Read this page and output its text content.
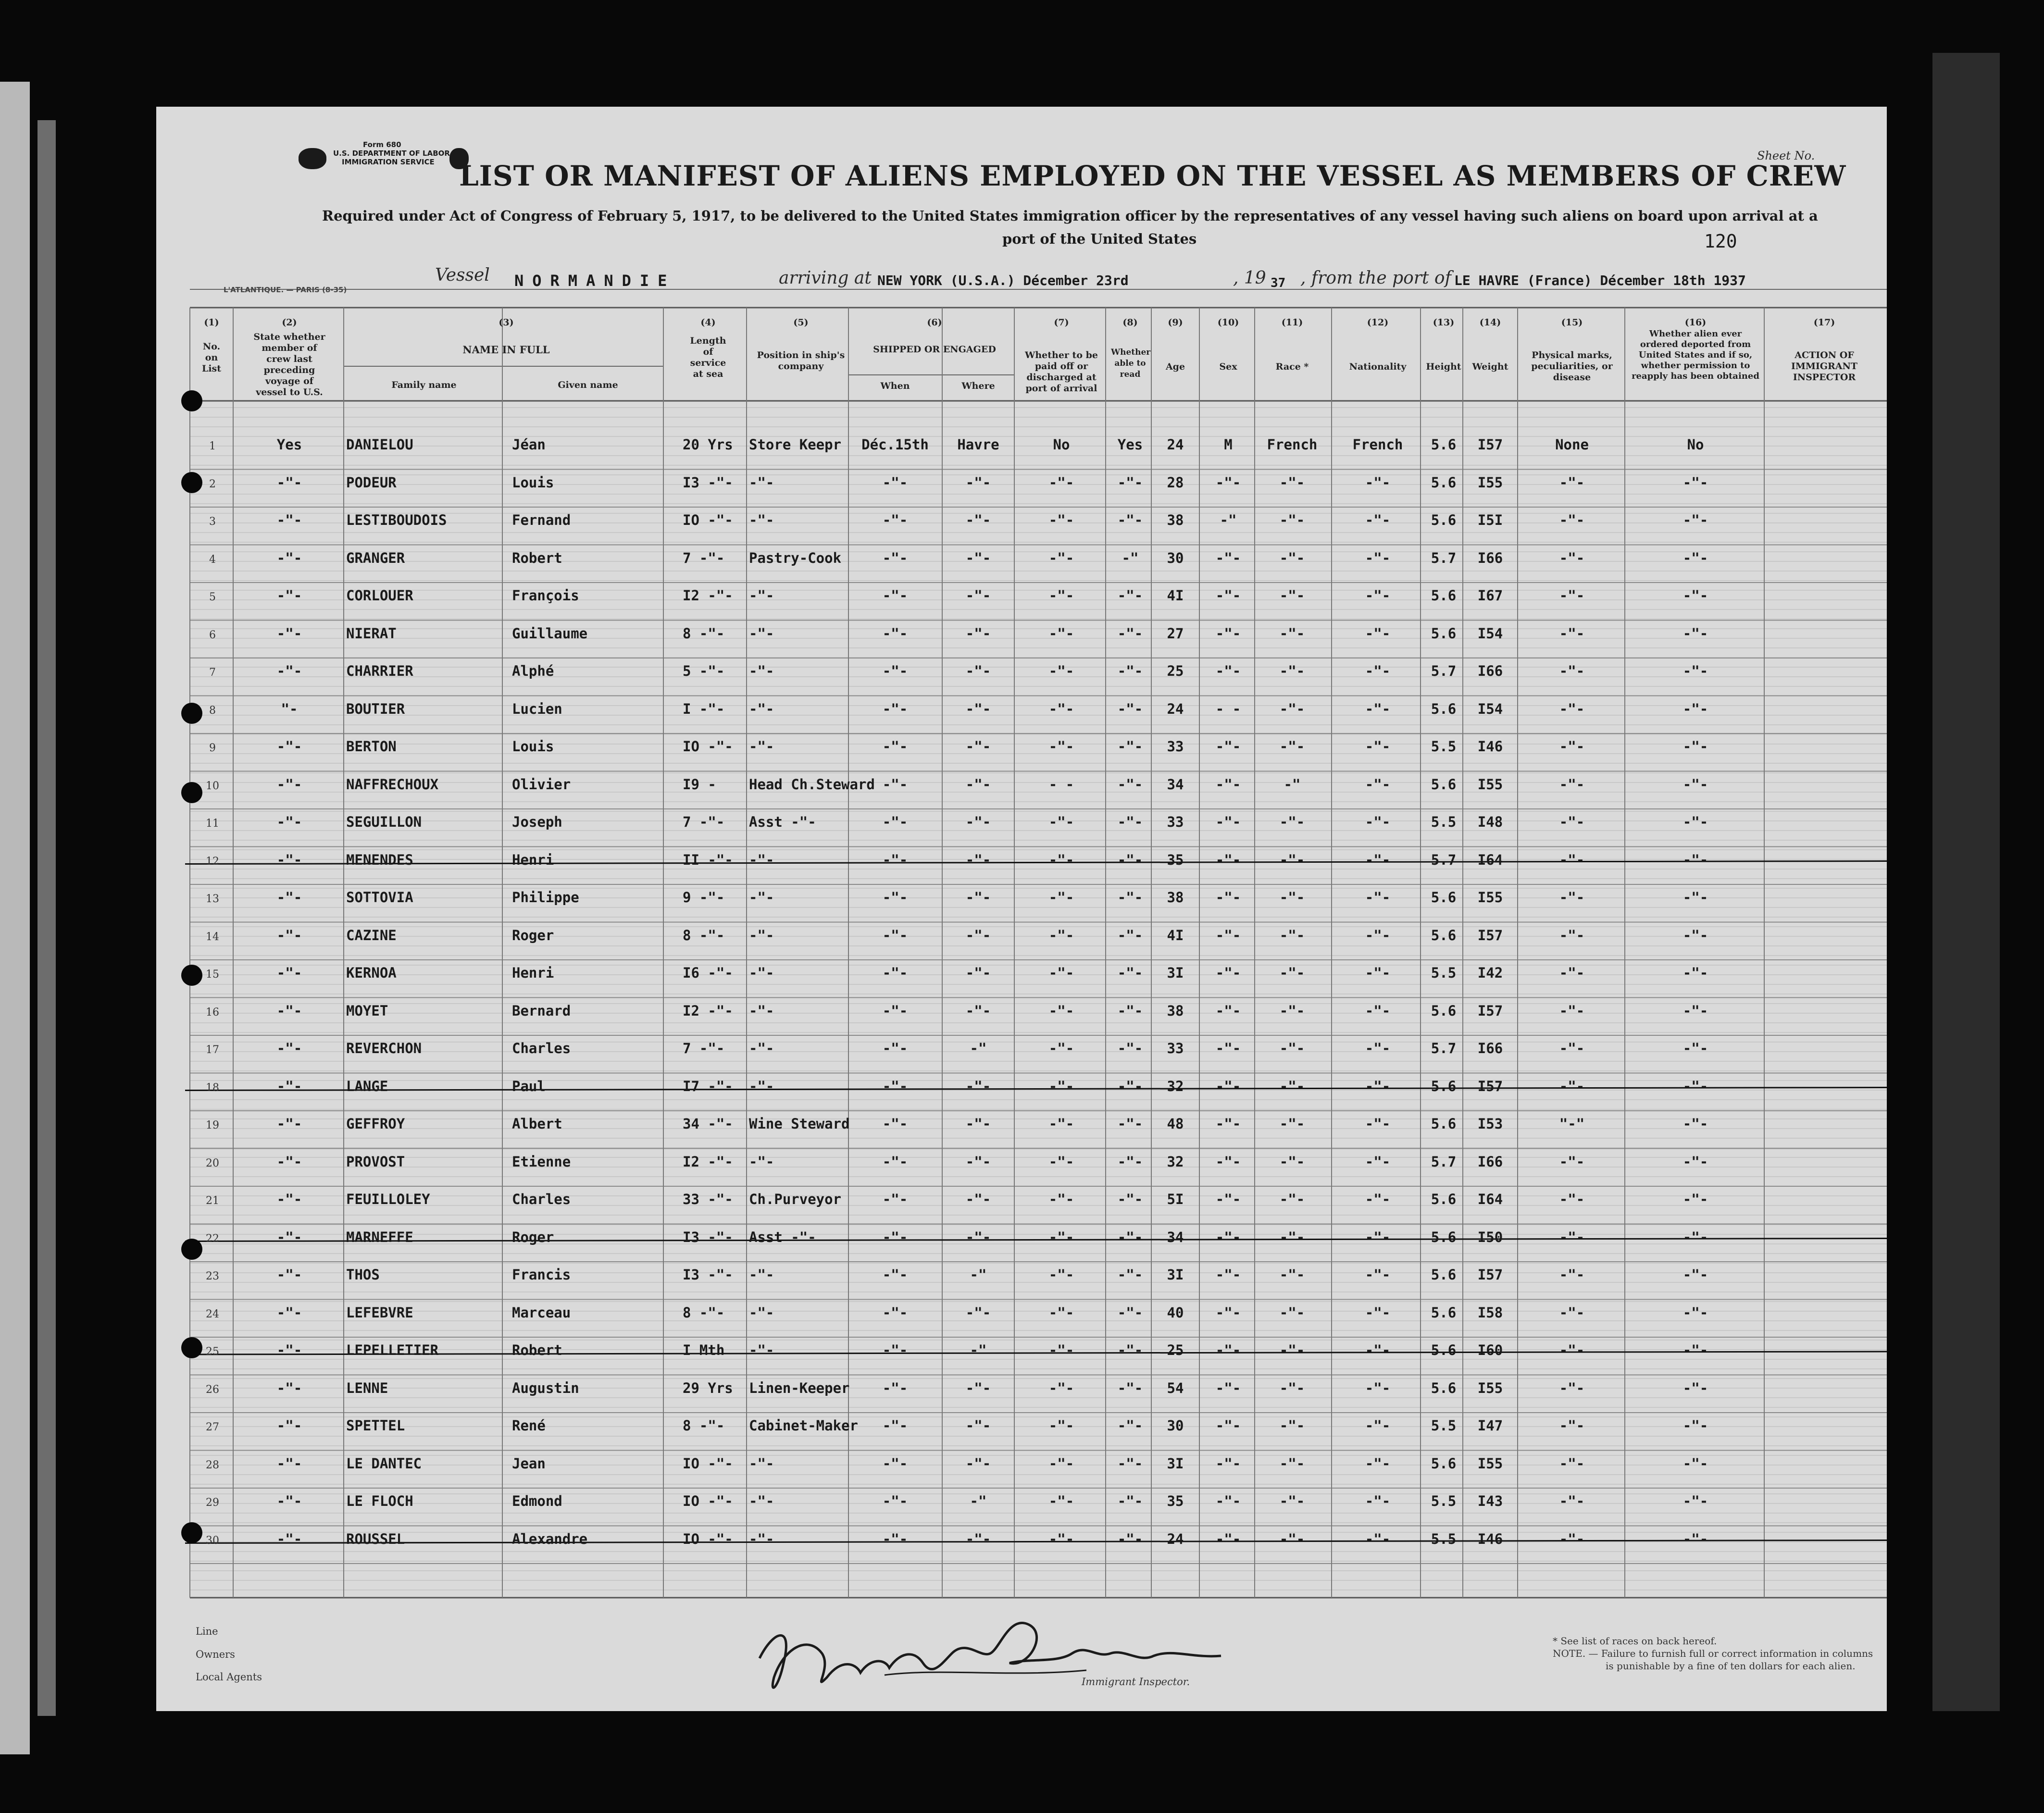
Form 680
U.S. DEPARTMENT OF LABOR
IMMIGRATION SERVICE LIST OR MANIFEST OF ALIENS EMPLOYED ON THE VESSEL AS MEMBERS OF CREW
Sheet No.
Required under Act of Congress of February 5, 1917, to be delivered to the United States immigration officer by the representatives of any vessel having such aliens on board upon arrival at a
port of the United States	120
L'ATLANTIQUE. — PARIS (8-35)
Vessel NORMANDIE	arriving at NEW YORK (U.S.A.) Décember 23rd	, 19 37 , from the port of LE HAVRE (France) Décember 18th 1937
(1)
No. on List
(2)
State whether member of crew last preceding voyage of vessel to U.S.
(3)
NAME IN FULL
Family name	Given name
(4)
Length of service at sea
(5)
Position in ship's company
(6)
SHIPPED OR ENGAGED
When	Where
(7)
Whether to be paid off or discharged at port of arrival
(8)
Whether able to read
(9)
Age
(10)
Sex
(11)
Race *
(12)
Nationality
(13)
Height
(14)
Weight
(15)
Physical marks, peculiarities, or disease
(16)
Whether alien ever ordered deported from United States and if so, whether permission to reapply has been obtained
(17)
ACTION OF IMMIGRANT INSPECTOR
1	Yes	DANIELOU	Jéan	20 Yrs Store Keepr Déc.15th Havre	No	Yes 24	M French	French 5.6 I57	None	No
2	-"-	PODEUR	Louis	I3 -"- -"-	-"-	-"-	-"-	-"- 28 -"-	-"-	-"-	5.6 I55	-"-	-"-
3	-"-	LESTIBOUDOIS	Fernand	IO -"- -"-	-"-	-"-	-"-	-"- 38	-"	-"-	-"-	5.6 I5I	-"-	-"-
4	-"-	GRANGER	Robert	7 -"- Pastry-Cook	-"-	-"-	-"-	-" 30 -"-	-"-	-"-	5.7 I66	-"-	-"-
5	-"-	CORLOUER	François	I2 -"- -"-	-"-	-"-	-"-	-"- 4I -"-	-"-	-"-	5.6 I67	-"-	-"-
6	-"-	NIERAT	Guillaume	8 -"- -"-	-"-	-"-	-"-	-"- 27 -"-	-"-	-"-	5.6 I54	-"-	-"-
7	-"-	CHARRIER	Alphé	5 -"- -"-	-"-	-"-	-"-	-"- 25 -"-	-"-	-"-	5.7 I66	-"-	-"-
8	"-	BOUTIER	Lucien	I -"- -"-	-"-	-"-	-"-	-"- 24 - -	-"-	-"-	5.6 I54	-"-	-"-
9	-"-	BERTON	Louis	IO -"- -"-	-"-	-"-	-"-	-"- 33 -"-	-"-	-"-	5.5 I46	-"-	-"-
10	-"-	NAFFRECHOUX	Olivier	I9 - Head Ch.Steward -"-	-"-	- -	-"- 34 -"-	-"	-"-	5.6 I55	-"-	-"-
11	-"-	SEGUILLON	Joseph	7 -"- Asst -"-	-"-	-"-	-"-	-"- 33 -"-	-"-	-"-	5.5 I48	-"-	-"-
12	-"-	MENENDES	Henri	II -"- -"-	-"-	-"-	-"-	-"- 35 -"-	-"-	-"-	5.7 I64	-"-	-"-
13	-"-	SOTTOVIA	Philippe	9 -"- -"-	-"-	-"-	-"-	-"- 38 -"-	-"-	-"-	5.6 I55	-"-	-"-
14	-"-	CAZINE	Roger	8 -"- -"-	-"-	-"-	-"-	-"- 4I -"-	-"-	-"-	5.6 I57	-"-	-"-
15	-"-	KERNOA	Henri	I6 -"- -"-	-"-	-"-	-"-	-"- 3I -"-	-"-	-"-	5.5 I42	-"-	-"-
16	-"-	MOYET	Bernard	I2 -"- -"-	-"-	-"-	-"-	-"- 38 -"-	-"-	-"-	5.6 I57	-"-	-"-
17	-"-	REVERCHON	Charles	7 -"- -"-	-"-	-"	-"-	-"- 33 -"-	-"-	-"-	5.7 I66	-"-	-"-
18	-"-	LANGE	Paul	I7 -"- -"-	-"-	-"-	-"-	-"- 32 -"-	-"-	-"-	5.6 I57	-"-	-"-
19	-"-	GEFFROY	Albert	34 -"- Wine Steward -"-	-"-	-"-	-"- 48 -"-	-"-	-"-	5.6 I53	"-"	-"-
20	-"-	PROVOST	Etienne	I2 -"- -"-	-"-	-"-	-"-	-"- 32 -"-	-"-	-"-	5.7 I66	-"-	-"-
21	-"-	FEUILLOLEY	Charles	33 -"- Ch.Purveyor	-"-	-"-	-"-	-"- 5I -"-	-"-	-"-	5.6 I64	-"-	-"-
22	-"-	MARNEFFE	Roger	I3 -"- Asst -"-	-"-	-"-	-"-	-"- 34 -"-	-"-	-"-	5.6 I50	-"-	-"-
23	-"-	THOS	Francis	I3 -"- -"-	-"-	-"	-"-	-"- 3I -"-	-"-	-"-	5.6 I57	-"-	-"-
24	-"-	LEFEBVRE	Marceau	8 -"- -"-	-"-	-"-	-"-	-"- 40 -"-	-"-	-"-	5.6 I58	-"-	-"-
25	-"-	LEPELLETIER	Robert	I Mth -"-	-"-	-"	-"-	-"- 25 -"-	-"-	-"-	5.6 I60	-"-	-"-
26	-"-	LENNE	Augustin	29 Yrs Linen-Keeper -"-	-"-	-"-	-"- 54 -"-	-"-	-"-	5.6 I55	-"-	-"-
27	-"-	SPETTEL	René	8 -"- Cabinet-Maker -"-	-"-	-"-	-"- 30 -"-	-"-	-"-	5.5 I47	-"-	-"-
28	-"-	LE DANTEC	Jean	IO -"- -"-	-"-	-"-	-"-	-"- 3I -"-	-"-	-"-	5.6 I55	-"-	-"-
29	-"-	LE FLOCH	Edmond	IO -"- -"-	-"-	-"	-"-	-"- 35 -"-	-"-	-"-	5.5 I43	-"-	-"-
30	-"-	ROUSSEL	Alexandre	IO -"- -"-	-"-	-"-	-"-	-"- 24 -"-	-"-	-"-	5.5 I46	-"-	-"-
Line
Owners
Local Agents	Immigrant Inspector.
* See list of races on back hereof.
NOTE. — Failure to furnish full or correct information in columns
is punishable by a fine of ten dollars for each alien.
